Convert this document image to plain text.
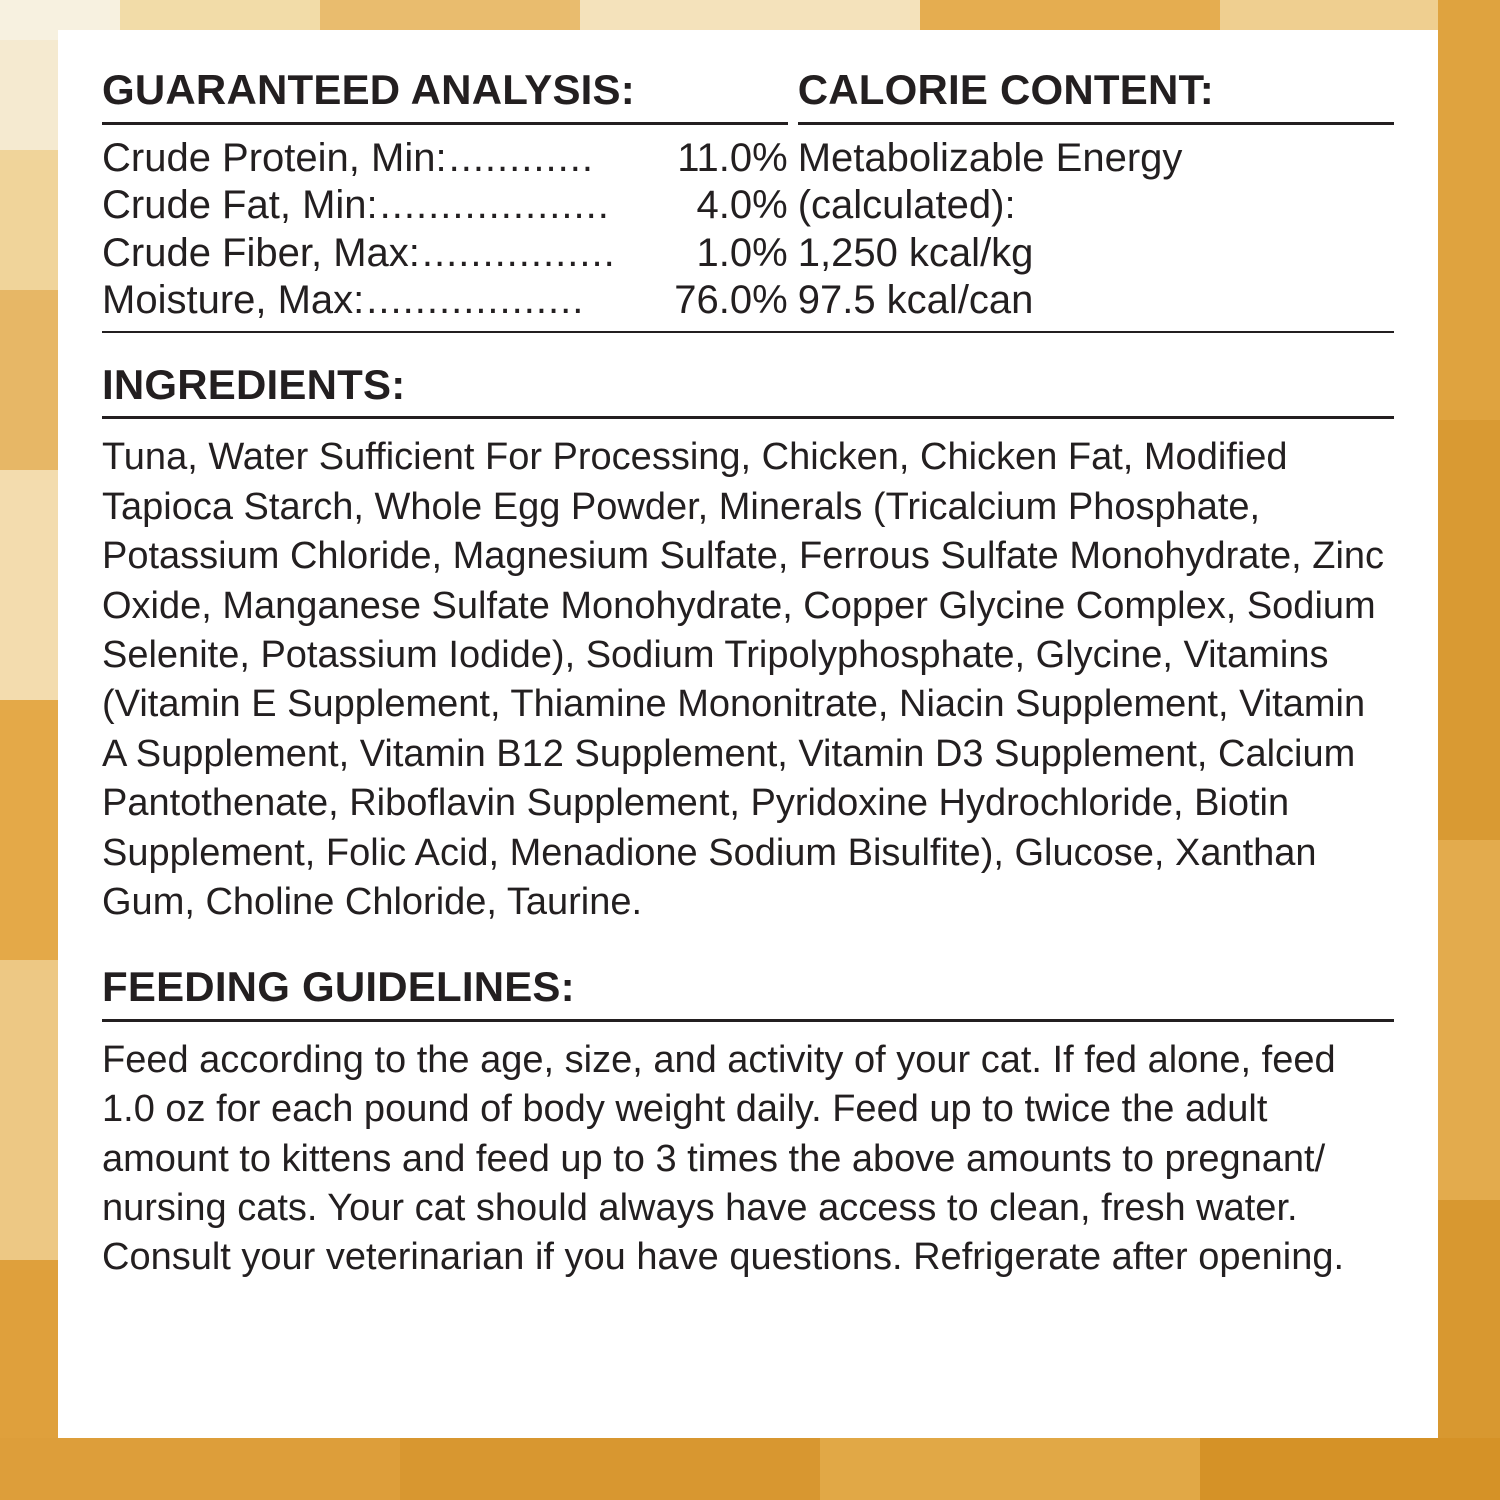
GUARANTEED ANALYSIS:
Crude Protein, Min: ............	11.0%
Crude Fat, Min: ...................	4.0%
Crude Fiber, Max: ................	1.0%
Moisture, Max: ..................	76.0%
CALORIE CONTENT:
Metabolizable Energy
(calculated):
1,250 kcal/kg
97.5 kcal/can
INGREDIENTS:

Tuna, Water Sufficient For Processing, Chicken, Chicken Fat, Modified Tapioca Starch, Whole Egg Powder, Minerals (Tricalcium Phosphate, Potassium Chloride, Magnesium Sulfate, Ferrous Sulfate Monohydrate, Zinc Oxide, Manganese Sulfate Monohydrate, Copper Glycine Complex, Sodium Selenite, Potassium Iodide), Sodium Tripolyphosphate, Glycine, Vitamins (Vitamin E Supplement, Thiamine Mononitrate, Niacin Supplement, Vitamin A Supplement, Vitamin B12 Supplement, Vitamin D3 Supplement, Calcium Pantothenate, Riboflavin Supplement, Pyridoxine Hydrochloride, Biotin Supplement, Folic Acid, Menadione Sodium Bisulfite), Glucose, Xanthan Gum, Choline Chloride, Taurine.

FEEDING GUIDELINES:

Feed according to the age, size, and activity of your cat. If fed alone, feed 1.0 oz for each pound of body weight daily. Feed up to twice the adult amount to kittens and feed up to 3 times the above amounts to pregnant/ nursing cats. Your cat should always have access to clean, fresh water. Consult your veterinarian if you have questions. Refrigerate after opening.
